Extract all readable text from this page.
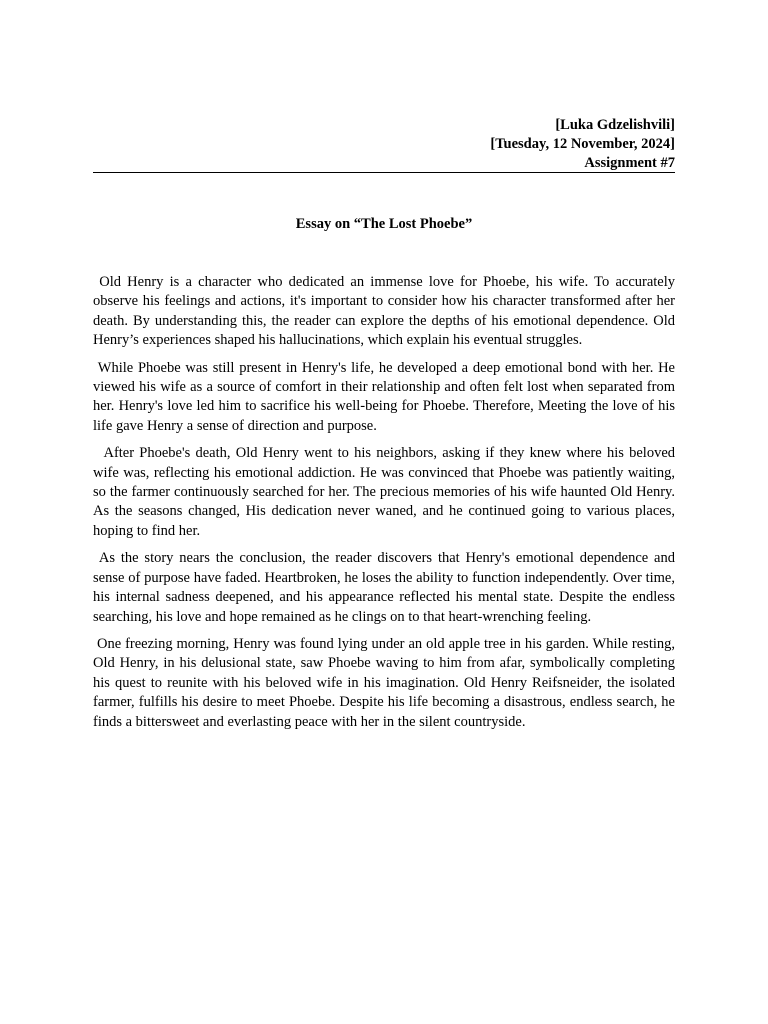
[Luka Gdzelishvili]
[Tuesday, 12 November, 2024]
Assignment #7
Essay on “The Lost Phoebe”

Old Henry is a character who dedicated an immense love for Phoebe, his wife. To accurately observe his feelings and actions, it's important to consider how his character transformed after her death. By understanding this, the reader can explore the depths of his emotional dependence. Old Henry’s experiences shaped his hallucinations, which explain his eventual struggles.

While Phoebe was still present in Henry's life, he developed a deep emotional bond with her. He viewed his wife as a source of comfort in their relationship and often felt lost when separated from her. Henry's love led him to sacrifice his well-being for Phoebe. Therefore, Meeting the love of his life gave Henry a sense of direction and purpose.

After Phoebe's death, Old Henry went to his neighbors, asking if they knew where his beloved wife was, reflecting his emotional addiction. He was convinced that Phoebe was patiently waiting, so the farmer continuously searched for her. The precious memories of his wife haunted Old Henry. As the seasons changed, His dedication never waned, and he continued going to various places, hoping to find her.

As the story nears the conclusion, the reader discovers that Henry's emotional dependence and sense of purpose have faded. Heartbroken, he loses the ability to function independently. Over time, his internal sadness deepened, and his appearance reflected his mental state. Despite the endless searching, his love and hope remained as he clings on to that heart-wrenching feeling.

One freezing morning, Henry was found lying under an old apple tree in his garden. While resting, Old Henry, in his delusional state, saw Phoebe waving to him from afar, symbolically completing his quest to reunite with his beloved wife in his imagination. Old Henry Reifsneider, the isolated farmer, fulfills his desire to meet Phoebe. Despite his life becoming a disastrous, endless search, he finds a bittersweet and everlasting peace with her in the silent countryside.
